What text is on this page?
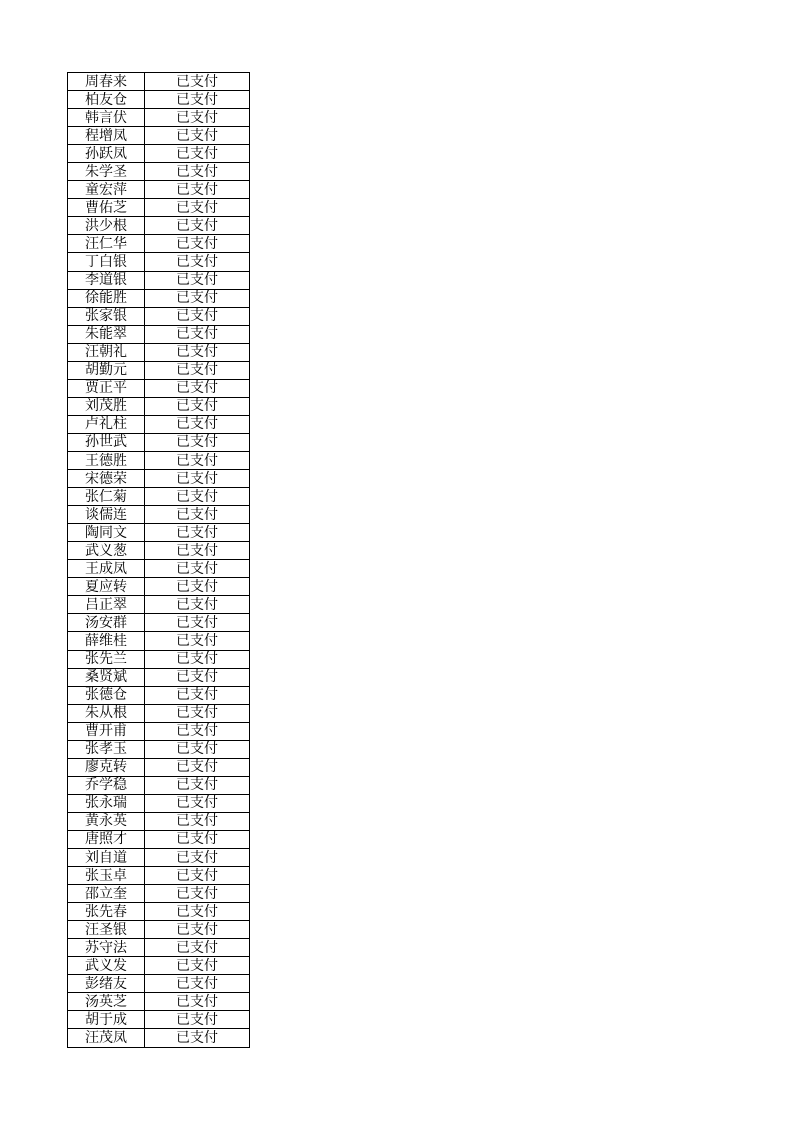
周春来	已支付
柏友仓	已支付
韩言伏	已支付
程增凤	已支付
孙跃凤	已支付
朱学圣	已支付
童宏萍	已支付
曹佑芝	已支付
洪少根	已支付
汪仁华	已支付
丁白银	已支付
李道银	已支付
徐能胜	已支付
张家银	已支付
朱能翠	已支付
汪朝礼	已支付
胡勤元	已支付
贾正平	已支付
刘茂胜	已支付
卢礼柱	已支付
孙世武	已支付
王德胜	已支付
宋德荣	已支付
张仁菊	已支付
谈儒连	已支付
陶同文	已支付
武义葱	已支付
王成凤	已支付
夏应转	已支付
吕正翠	已支付
汤安群	已支付
薛维桂	已支付
张先兰	已支付
桑贤斌	已支付
张德仓	已支付
朱从根	已支付
曹开甫	已支付
张孝玉	已支付
廖克转	已支付
乔学稳	已支付
张永瑞	已支付
黄永英	已支付
唐照才	已支付
刘自道	已支付
张玉卓	已支付
邵立奎	已支付
张先春	已支付
汪圣银	已支付
苏守法	已支付
武义发	已支付
彭绪友	已支付
汤英芝	已支付
胡于成	已支付
汪茂凤	已支付
